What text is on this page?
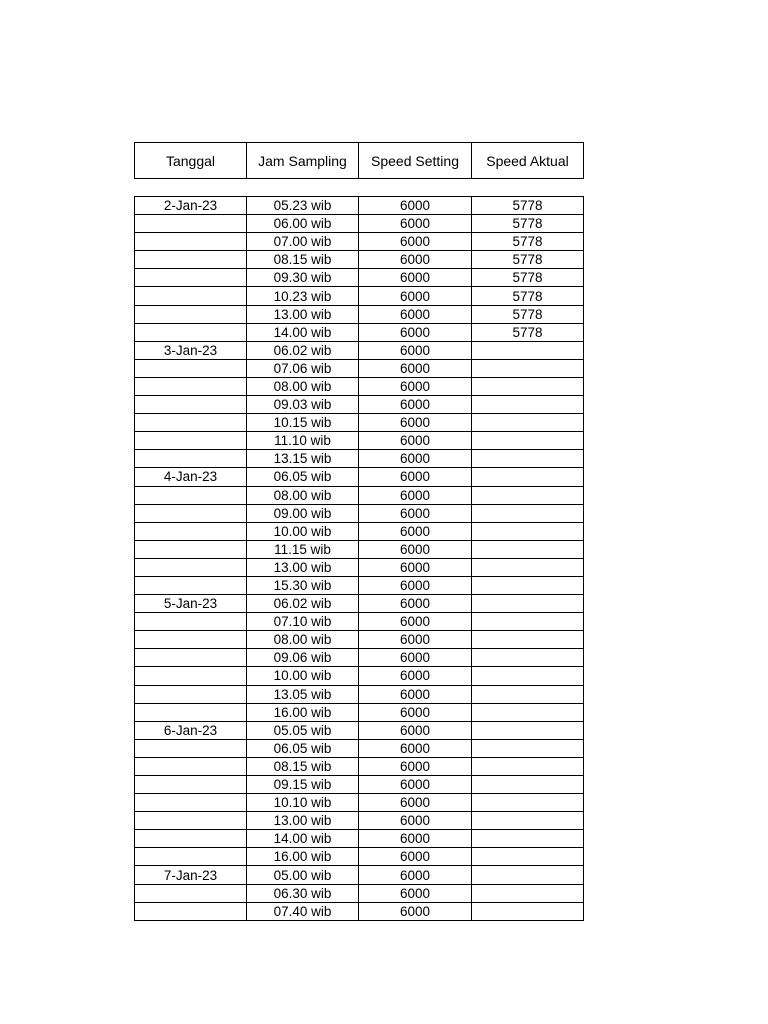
Tanggal	Jam Sampling	Speed Setting	Speed Aktual
2-Jan-23	05.23 wib	6000	5778
	06.00 wib	6000	5778
	07.00 wib	6000	5778
	08.15 wib	6000	5778
	09.30 wib	6000	5778
	10.23 wib	6000	5778
	13.00 wib	6000	5778
	14.00 wib	6000	5778
3-Jan-23	06.02 wib	6000	
	07.06 wib	6000	
	08.00 wib	6000	
	09.03 wib	6000	
	10.15 wib	6000	
	11.10 wib	6000	
	13.15 wib	6000	
4-Jan-23	06.05 wib	6000	
	08.00 wib	6000	
	09.00 wib	6000	
	10.00 wib	6000	
	11.15 wib	6000	
	13.00 wib	6000	
	15.30 wib	6000	
5-Jan-23	06.02 wib	6000	
	07.10 wib	6000	
	08.00 wib	6000	
	09.06 wib	6000	
	10.00 wib	6000	
	13.05 wib	6000	
	16.00 wib	6000	
6-Jan-23	05.05 wib	6000	
	06.05 wib	6000	
	08.15 wib	6000	
	09.15 wib	6000	
	10.10 wib	6000	
	13.00 wib	6000	
	14.00 wib	6000	
	16.00 wib	6000	
7-Jan-23	05.00 wib	6000	
	06.30 wib	6000	
	07.40 wib	6000	
